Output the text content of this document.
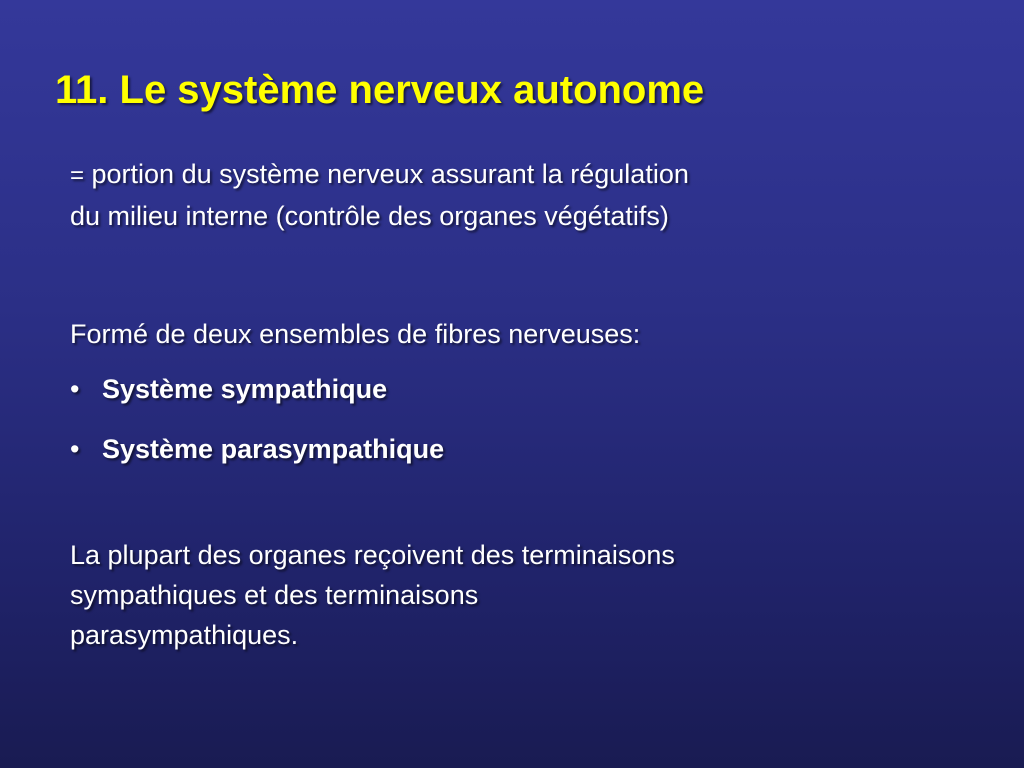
11. Le système nerveux autonome
= portion du système nerveux assurant la régulation
du milieu interne (contrôle des organes végétatifs)
Formé de deux ensembles de fibres nerveuses:
• Système sympathique
• Système parasympathique
La plupart des organes reçoivent des terminaisons
sympathiques et des terminaisons
parasympathiques.
